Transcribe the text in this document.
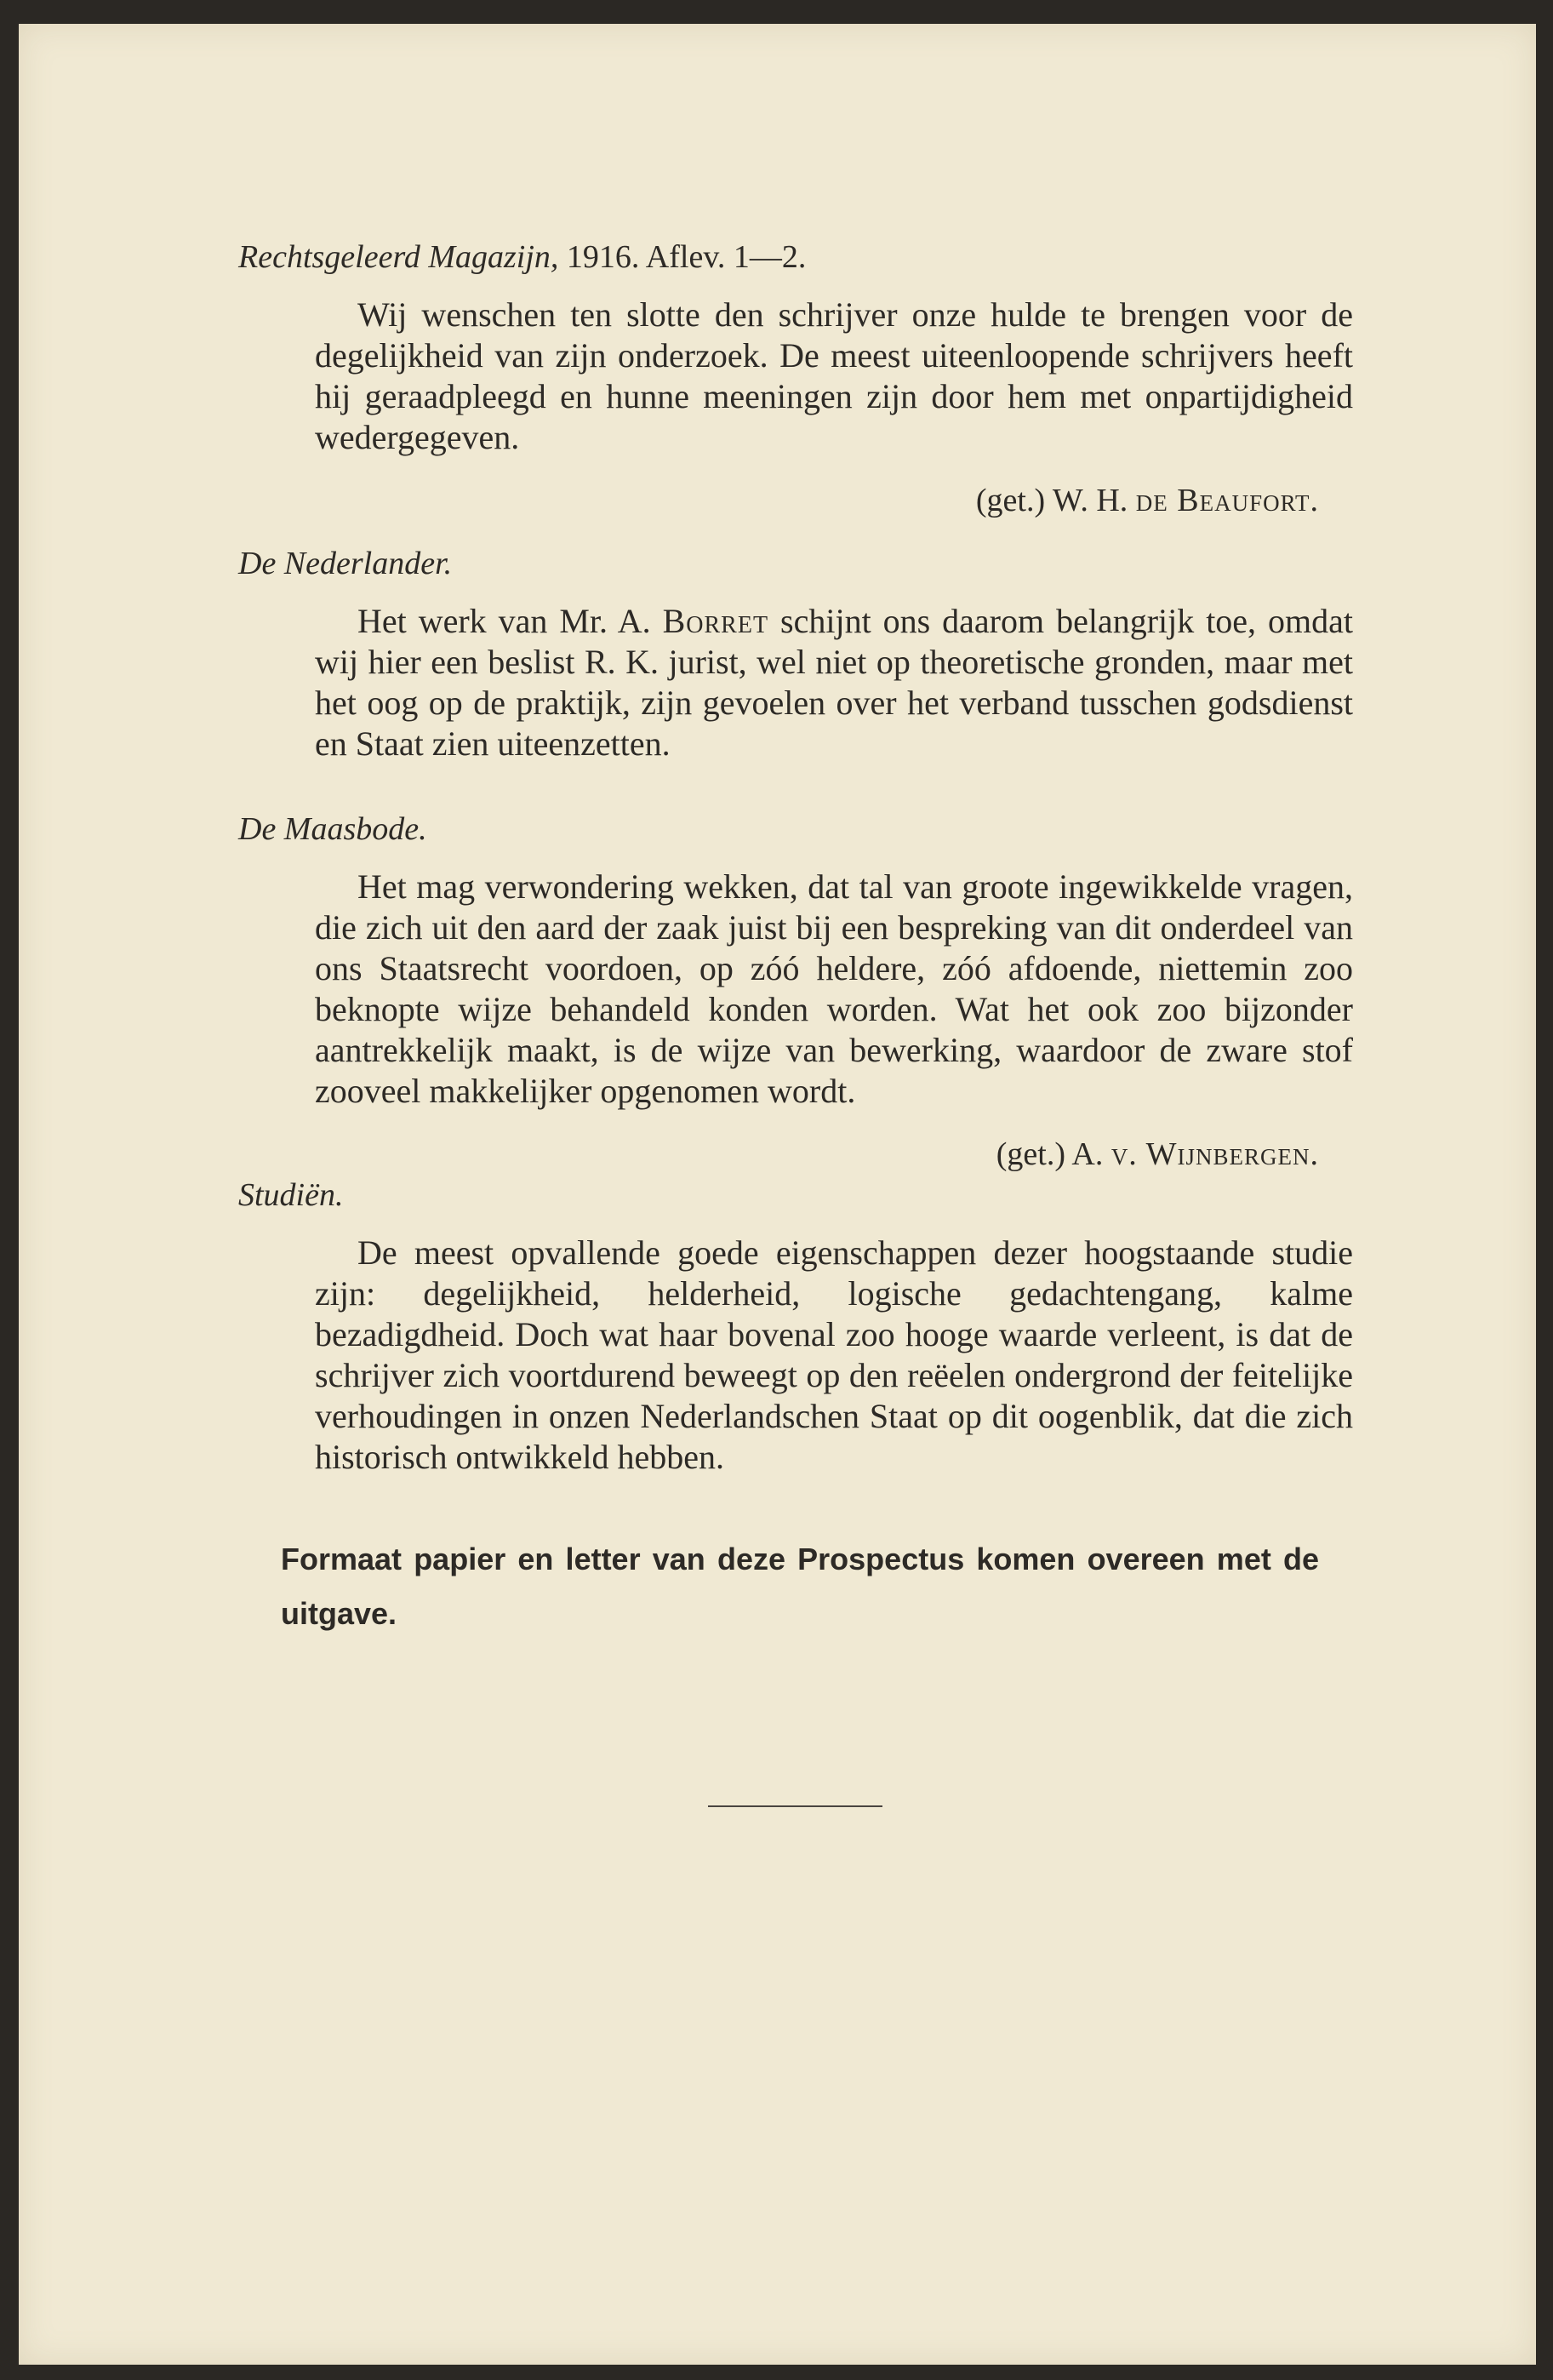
Rechtsgeleerd Magazijn, 1916. Aflev. 1—2.

Wij wenschen ten slotte den schrijver onze hulde te brengen voor de degelijkheid van zijn onderzoek. De meest uiteenloopende schrijvers heeft hij geraadpleegd en hunne meeningen zijn door hem met onpartijdigheid wedergegeven.

(get.) W. H. de Beaufort.

De Nederlander.

Het werk van Mr. A. Borret schijnt ons daarom belangrijk toe, omdat wij hier een beslist R. K. jurist, wel niet op theoretische gronden, maar met het oog op de praktijk, zijn gevoelen over het verband tusschen godsdienst en Staat zien uiteenzetten.

De Maasbode.

Het mag verwondering wekken, dat tal van groote ingewikkelde vragen, die zich uit den aard der zaak juist bij een bespreking van dit onderdeel van ons Staatsrecht voordoen, op zóó heldere, zóó afdoende, niettemin zoo beknopte wijze behandeld konden worden. Wat het ook zoo bijzonder aantrekkelijk maakt, is de wijze van bewerking, waardoor de zware stof zooveel makkelijker opgenomen wordt.

(get.) A. v. Wijnbergen.

Studiën.

De meest opvallende goede eigenschappen dezer hoogstaande studie zijn: degelijkheid, helderheid, logische gedachtengang, kalme bezadigdheid. Doch wat haar bovenal zoo hooge waarde verleent, is dat de schrijver zich voortdurend beweegt op den reëelen ondergrond der feitelijke verhoudingen in onzen Nederlandschen Staat op dit oogenblik, dat die zich historisch ontwikkeld hebben.

Formaat papier en letter van deze Prospectus komen overeen met de uitgave.
